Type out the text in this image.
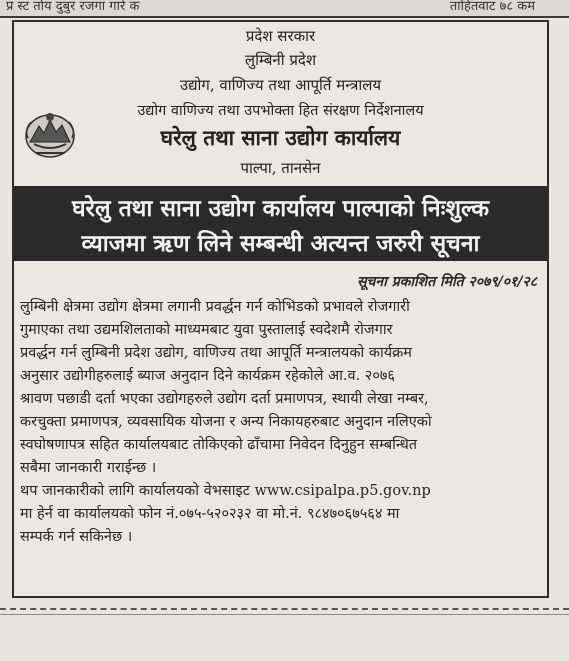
प्र स्ट र्ताय दुबुर रजगा गारे क	ताहितवाट ७८ कम
प्रदेश सरकार
लुम्बिनी प्रदेश
उद्योग, वाणिज्य तथा आपूर्ति मन्त्रालय
उद्योग वाणिज्य तथा उपभोक्ता हित संरक्षण निर्देशनालय
घरेलु तथा साना उद्योग कार्यालय
पाल्पा, तानसेन
घरेलु तथा साना उद्योग कार्यालय पाल्पाको निःशुल्क
व्याजमा ऋण लिने सम्बन्धी अत्यन्त जरुरी सूचना
सूचना प्रकाशित मिति २०७९/०१/२८
लुम्बिनी क्षेत्रमा उद्योग क्षेत्रमा लगानी प्रवर्द्धन गर्न कोभिडको प्रभावले रोजगारी
गुमाएका तथा उद्यमशिलताको माध्यमबाट युवा पुस्तालाई स्वदेशमै रोजगार
प्रवर्द्धन गर्न लुम्बिनी प्रदेश उद्योग, वाणिज्य तथा आपूर्ति मन्त्रालयको कार्यक्रम
अनुसार उद्योगीहरुलाई ब्याज अनुदान दिने कार्यक्रम रहेकोले आ.व. २०७६
श्रावण पछाडी दर्ता भएका उद्योगहरुले उद्योग दर्ता प्रमाणपत्र, स्थायी लेखा नम्बर,
करचुक्ता प्रमाणपत्र, व्यवसायिक योजना र अन्य निकायहरुबाट अनुदान नलिएको
स्वघोषणापत्र सहित कार्यालयबाट तोकिएको ढाँचामा निवेदन दिनुहुन सम्बन्धित
सबैमा जानकारी गराईन्छ ।
थप जानकारीको लागि कार्यालयको वेभसाइट www.csipalpa.p5.gov.np
मा हेर्न वा कार्यालयको फोन नं.०७५-५२०२३२ वा मो.नं. ९८४७०६७५६४ मा
सम्पर्क गर्न सकिनेछ ।
